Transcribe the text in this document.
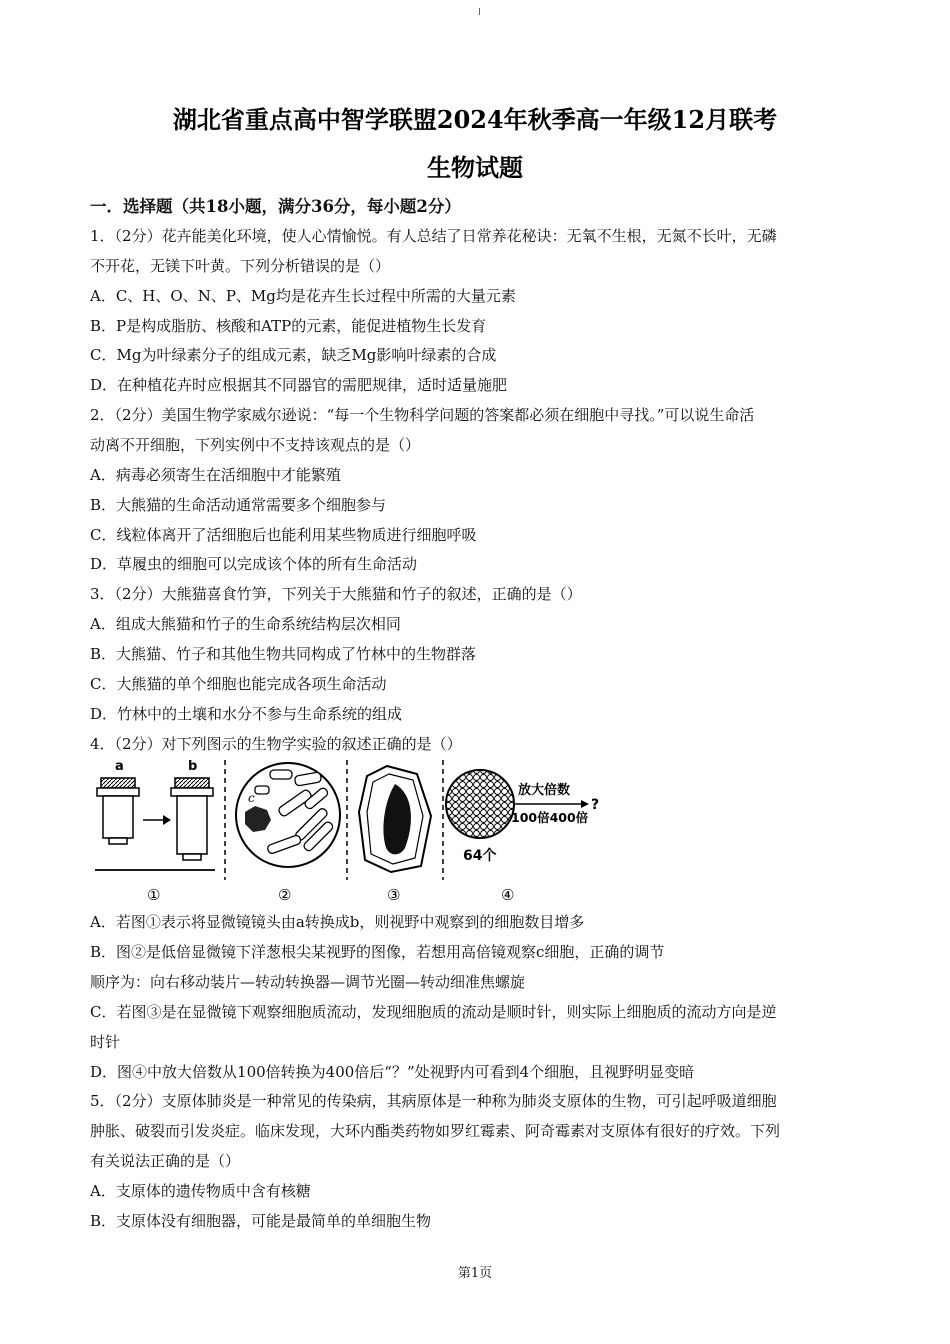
湖北省重点高中智学联盟2024年秋季高一年级12月联考
生物试题
一．选择题（共18小题，满分36分，每小题2分）
1．（2分）花卉能美化环境，使人心情愉悦。有人总结了日常养花秘诀：无氧不生根，无氮不长叶，无磷
不开花，无镁下叶黄。下列分析错误的是（）
A．C、H、O、N、P、Mg均是花卉生长过程中所需的大量元素
B．P是构成脂肪、核酸和ATP的元素，能促进植物生长发育
C．Mg为叶绿素分子的组成元素，缺乏Mg影响叶绿素的合成
D．在种植花卉时应根据其不同器官的需肥规律，适时适量施肥
2．（2分）美国生物学家威尔逊说：“每一个生物科学问题的答案都必须在细胞中寻找。”可以说生命活
动离不开细胞，下列实例中不支持该观点的是（）
A．病毒必须寄生在活细胞中才能繁殖
B．大熊猫的生命活动通常需要多个细胞参与
C．线粒体离开了活细胞后也能利用某些物质进行细胞呼吸
D．草履虫的细胞可以完成该个体的所有生命活动
3．（2分）大熊猫喜食竹笋，下列关于大熊猫和竹子的叙述，正确的是（）
A．组成大熊猫和竹子的生命系统结构层次相同
B．大熊猫、竹子和其他生物共同构成了竹林中的生物群落
C．大熊猫的单个细胞也能完成各项生命活动
D．竹林中的土壤和水分不参与生命系统的组成
4．（2分）对下列图示的生物学实验的叙述正确的是（）
a	b
c
64个
放大倍数
?
100倍400倍
①	②	③	④
A．若图①表示将显微镜镜头由a转换成b，则视野中观察到的细胞数目增多
B．图②是低倍显微镜下洋葱根尖某视野的图像，若想用高倍镜观察c细胞，正确的调节
顺序为：向右移动装片—转动转换器—调节光圈—转动细准焦螺旋
C．若图③是在显微镜下观察细胞质流动，发现细胞质的流动是顺时针，则实际上细胞质的流动方向是逆
时针
D．图④中放大倍数从100倍转换为400倍后“？”处视野内可看到4个细胞，且视野明显变暗
5．（2分）支原体肺炎是一种常见的传染病，其病原体是一种称为肺炎支原体的生物，可引起呼吸道细胞
肿胀、破裂而引发炎症。临床发现，大环内酯类药物如罗红霉素、阿奇霉素对支原体有很好的疗效。下列
有关说法正确的是（）
A．支原体的遗传物质中含有核糖
B．支原体没有细胞器，可能是最简单的单细胞生物
第1页
